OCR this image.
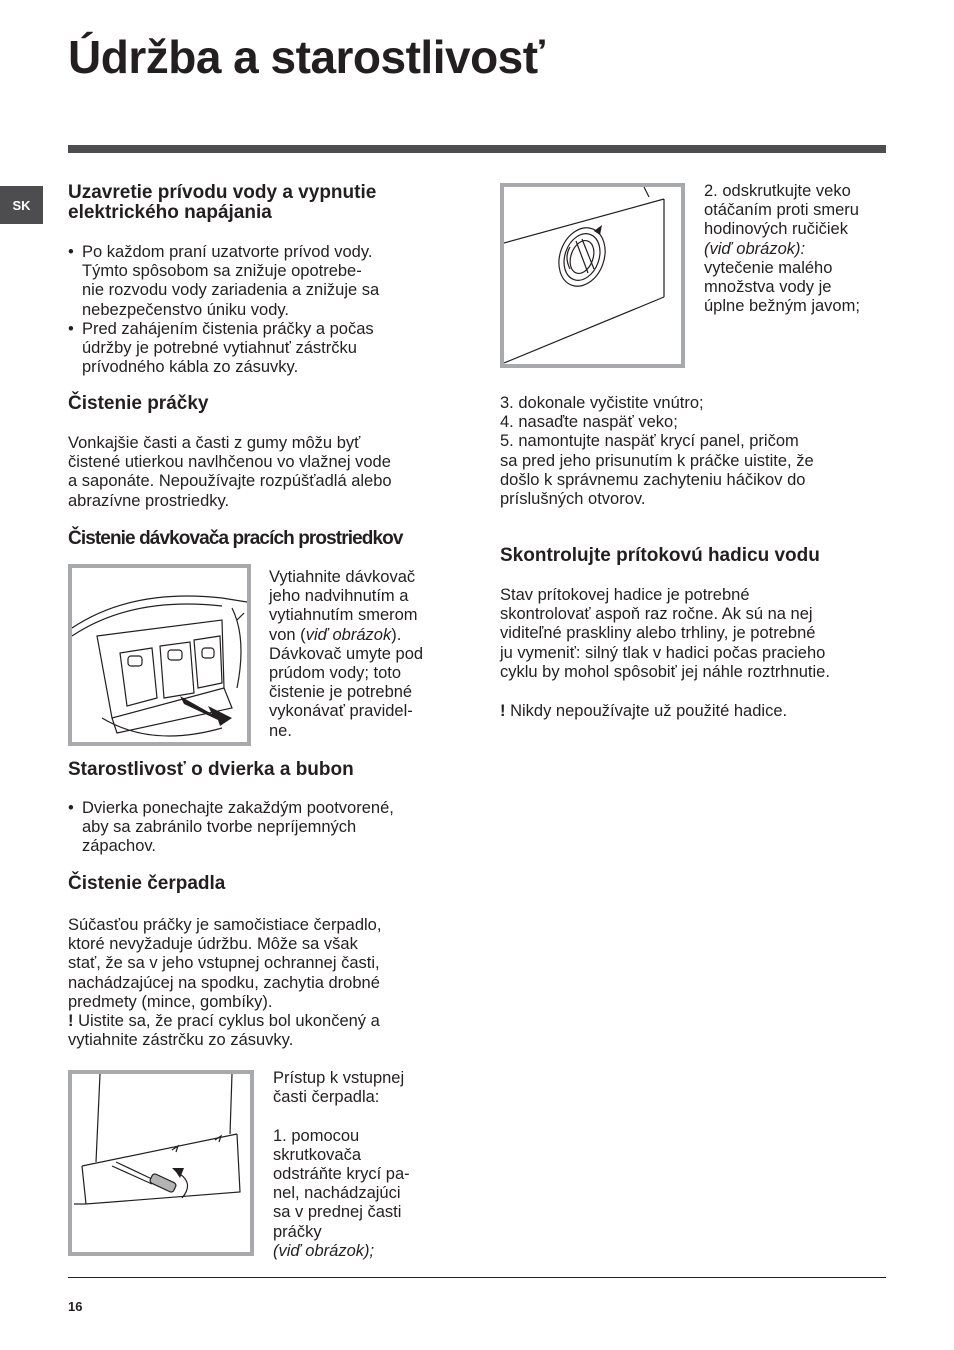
Údržba a starostlivosť
SK
Uzavretie prívodu vody a vypnutie
elektrického napájania
• Po každom praní uzatvorte prívod vody.
Týmto spôsobom sa znižuje opotrebe-
nie rozvodu vody zariadenia a znižuje sa
nebezpečenstvo úniku vody.
• Pred zahájením čistenia práčky a počas
údržby je potrebné vytiahnuť zástrčku
prívodného kábla zo zásuvky.
Čistenie práčky

Vonkajšie časti a časti z gumy môžu byť

čistené utierkou navlhčenou vo vlažnej vode

a saponáte. Nepoužívajte rozpúšťadlá alebo

abrazívne prostriedky.

Čistenie dávkovača pracích prostriedkov

Vytiahnite dávkovač

jeho nadvihnutím a

vytiahnutím smerom

von (viď obrázok).

Dávkovač umyte pod

prúdom vody; toto

čistenie je potrebné

vykonávať pravidel-

ne.

Starostlivosť o dvierka a bubon
• Dvierka ponechajte zakaždým pootvorené,
aby sa zabránilo tvorbe nepríjemných
zápachov.
Čistenie čerpadla

Súčasťou práčky je samočistiace čerpadlo,

ktoré nevyžaduje údržbu. Môže sa však

stať, že sa v jeho vstupnej ochrannej časti,

nachádzajúcej na spodku, zachytia drobné

predmety (mince, gombíky).

! Uistite sa, že prací cyklus bol ukončený a

vytiahnite zástrčku zo zásuvky.

Prístup k vstupnej

časti čerpadla:

1. pomocou

skrutkovača

odstráňte krycí pa-

nel, nachádzajúci

sa v prednej časti

práčky

(viď obrázok);

2. odskrutkujte veko

otáčaním proti smeru

hodinových ručičiek

(viď obrázok):

vytečenie malého

množstva vody je

úplne bežným javom;

3. dokonale vyčistite vnútro;

4. nasaďte naspäť veko;

5. namontujte naspäť krycí panel, pričom

sa pred jeho prisunutím k práčke uistite, že

došlo k správnemu zachyteniu háčikov do

príslušných otvorov.

Skontrolujte prítokovú hadicu vodu

Stav prítokovej hadice je potrebné

skontrolovať aspoň raz ročne. Ak sú na nej

viditeľné praskliny alebo trhliny, je potrebné

ju vymeniť: silný tlak v hadici počas pracieho

cyklu by mohol spôsobiť jej náhle roztrhnutie.

! Nikdy nepoužívajte už použité hadice.

16
